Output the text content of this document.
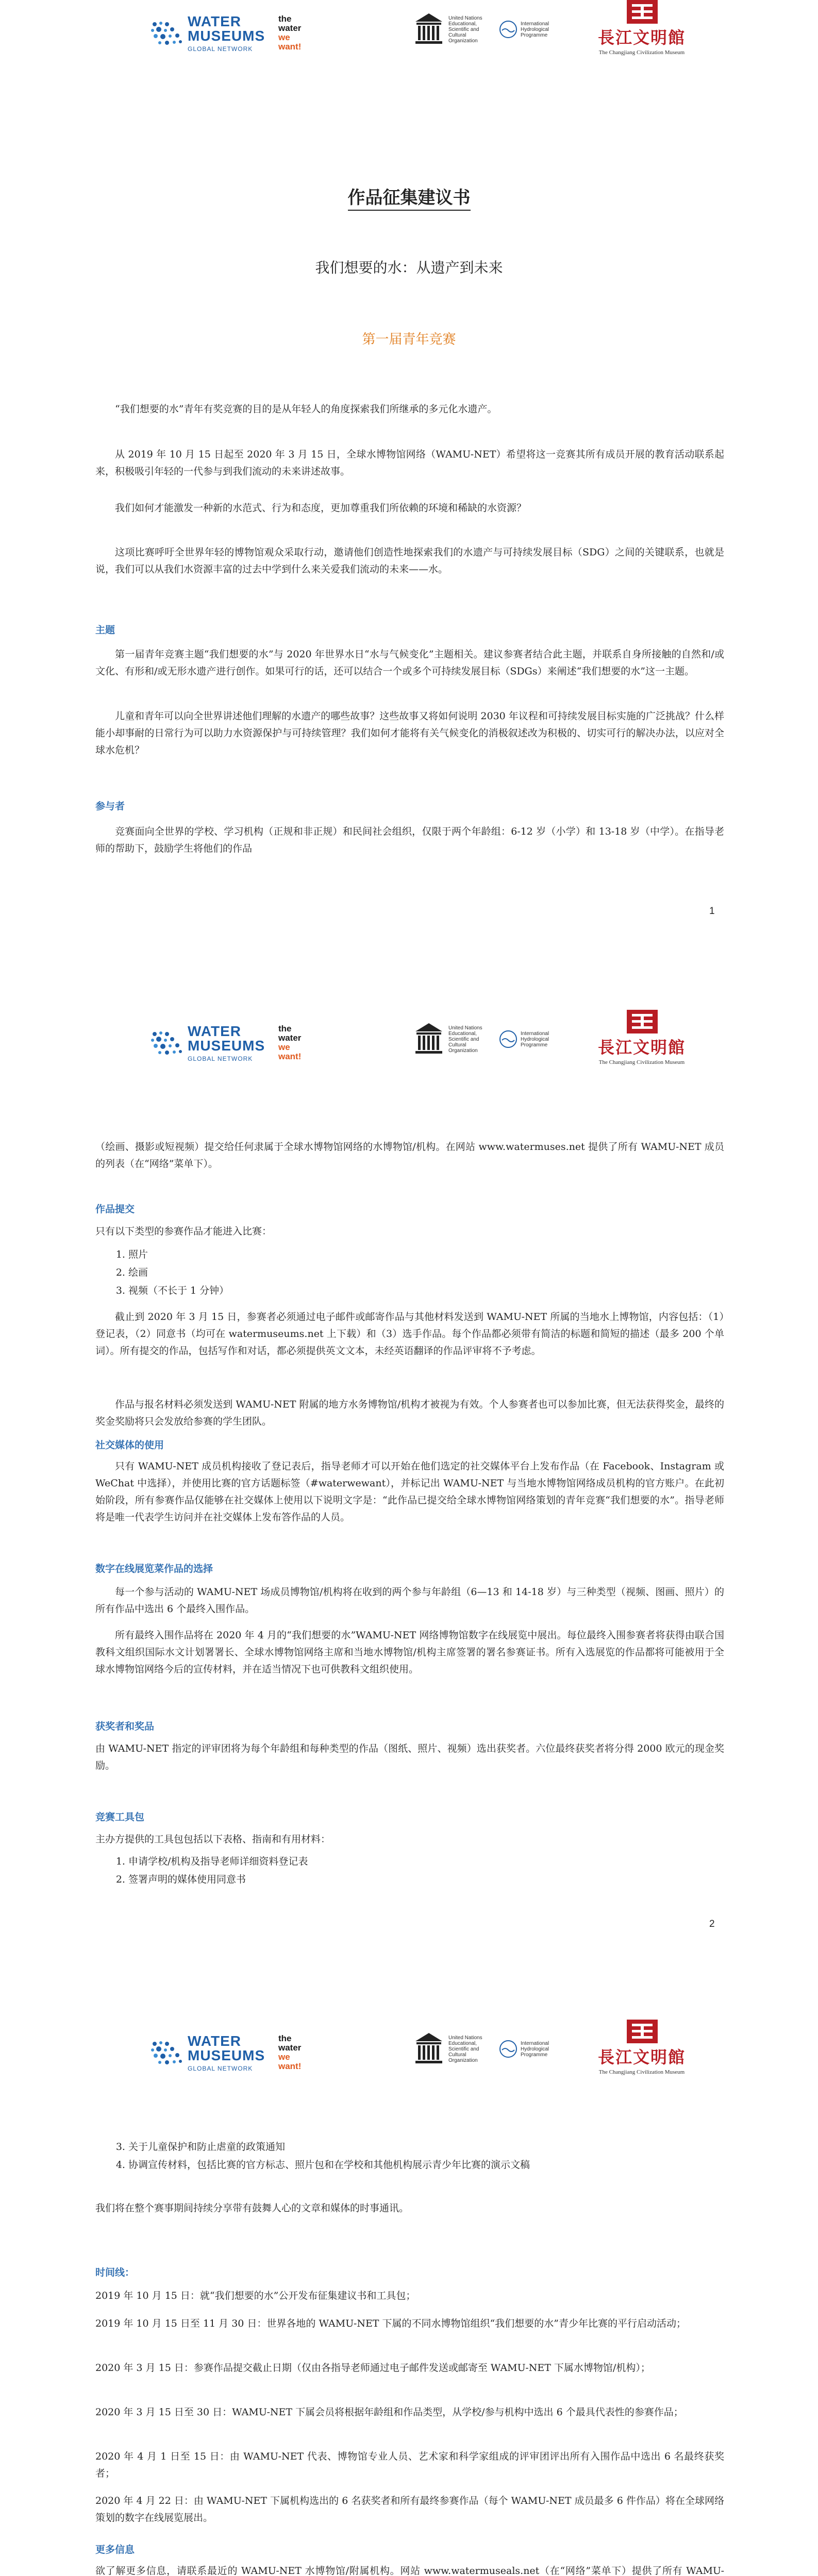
WATER
MUSEUMS
GLOBAL NETWORK
the
water
we
want!
United Nations Educational, Scientific and Cultural Organization
International Hydrological Programme	長江文明館
The Changjiang Civilization Museum
作品征集建议书

我们想要的水：从遗产到未来

第一届青年竞赛

“我们想要的水”青年有奖竞赛的目的是从年轻人的角度探索我们所继承的多元化水遗产。

从 2019 年 10 月 15 日起至 2020 年 3 月 15 日，全球水博物馆网络（WAMU-NET）希望将这一竞赛其所有成员开展的教育活动联系起来，积极吸引年轻的一代参与到我们流动的未来讲述故事。

我们如何才能激发一种新的水范式、行为和态度，更加尊重我们所依赖的环境和稀缺的水资源？

这项比赛呼吁全世界年轻的博物馆观众采取行动，邀请他们创造性地探索我们的水遗产与可持续发展目标（SDG）之间的关键联系，也就是说，我们可以从我们水资源丰富的过去中学到什么来关爱我们流动的未来——水。

主题

第一届青年竞赛主题“我们想要的水”与 2020 年世界水日“水与气候变化”主题相关。建议参赛者结合此主题，并联系自身所接触的自然和/或文化、有形和/或无形水遗产进行创作。如果可行的话，还可以结合一个或多个可持续发展目标（SDGs）来阐述“我们想要的水”这一主题。

儿童和青年可以向全世界讲述他们理解的水遗产的哪些故事？这些故事又将如何说明 2030 年议程和可持续发展目标实施的广泛挑战？什么样能小却事耐的日常行为可以助力水资源保护与可持续管理？我们如何才能将有关气候变化的消极叙述改为积极的、切实可行的解决办法，以应对全球水危机？

参与者

竞赛面向全世界的学校、学习机构（正规和非正规）和民间社会组织，仅限于两个年龄组：6-12 岁（小学）和 13-18 岁（中学）。在指导老师的帮助下，鼓励学生将他们的作品

1
WATER
MUSEUMS
GLOBAL NETWORK
the
water
we
want!
United Nations Educational, Scientific and Cultural Organization
International Hydrological Programme	長江文明館
The Changjiang Civilization Museum

（绘画、摄影或短视频）提交给任何隶属于全球水博物馆网络的水博物馆/机构。在网站 www.watermuses.net 提供了所有 WAMU-NET 成员的列表（在“网络”菜单下）。

作品提交

只有以下类型的参赛作品才能进入比赛：

1. 照片
2. 绘画
3. 视频（不长于 1 分钟）

截止到 2020 年 3 月 15 日，参赛者必须通过电子邮件或邮寄作品与其他材料发送到 WAMU-NET 所属的当地水上博物馆，内容包括：（1）登记表，（2）同意书（均可在 watermuseums.net 上下载）和（3）选手作品。每个作品都必须带有简洁的标题和简短的描述（最多 200 个单词）。所有提交的作品，包括写作和对话，都必须提供英文文本，未经英语翻译的作品评审将不予考虑。

作品与报名材料必须发送到 WAMU-NET 附属的地方水务博物馆/机构才被视为有效。个人参赛者也可以参加比赛，但无法获得奖金，最终的奖金奖励将只会发放给参赛的学生团队。

社交媒体的使用

只有 WAMU-NET 成员机构接收了登记表后，指导老师才可以开始在他们选定的社交媒体平台上发布作品（在 Facebook、Instagram 或 WeChat 中选择），并使用比赛的官方话题标签（#waterwewant），并标记出 WAMU-NET 与当地水博物馆网络成员机构的官方账户。在此初始阶段，所有参赛作品仅能够在社交媒体上使用以下说明文字是：“此作品已提交给全球水博物馆网络策划的青年竞赛“我们想要的水”。指导老师将是唯一代表学生访问并在社交媒体上发布答作品的人员。

数字在线展览菜作品的选择

每一个参与活动的 WAMU-NET 场成员博物馆/机构将在收到的两个参与年龄组（6—13 和 14-18 岁）与三种类型（视频、图画、照片）的所有作品中选出 6 个最终入围作品。

所有最终入围作品将在 2020 年 4 月的“我们想要的水”WAMU-NET 网络博物馆数字在线展览中展出。每位最终入围参赛者将获得由联合国教科文组织国际水文计划署署长、全球水博物馆网络主席和当地水博物馆/机构主席签署的署名参赛证书。所有入选展览的作品都将可能被用于全球水博物馆网络今后的宣传材料，并在适当情况下也可供教科文组织使用。

获奖者和奖品

由 WAMU-NET 指定的评审团将为每个年龄组和每种类型的作品（图纸、照片、视频）选出获奖者。六位最终获奖者将分得 2000 欧元的现金奖励。

竞赛工具包

主办方提供的工具包包括以下表格、指南和有用材料：

1. 申请学校/机构及指导老师详细资料登记表
2. 签署声明的媒体使用同意书
2
WATER
MUSEUMS
GLOBAL NETWORK
the
water
we
want!
United Nations Educational, Scientific and Cultural Organization
International Hydrological Programme	長江文明館
The Changjiang Civilization Museum
3. 关于儿童保护和防止虐童的政策通知
4. 协调宣传材料，包括比赛的官方标志、照片包和在学校和其他机构展示青少年比赛的演示文稿

我们将在整个赛事期间持续分享带有鼓舞人心的文章和媒体的时事通讯。

时间线：

2019 年 10 月 15 日：就“我们想要的水”公开发布征集建议书和工具包；

2019 年 10 月 15 日至 11 月 30 日：世界各地的 WAMU-NET 下属的不同水博物馆组织“我们想要的水”青少年比赛的平行启动活动；

2020 年 3 月 15 日：参赛作品提交截止日期（仅由各指导老师通过电子邮件发送或邮寄至 WAMU-NET 下属水博物馆/机构）；

2020 年 3 月 15 日至 30 日：WAMU-NET 下属会员将根据年龄组和作品类型，从学校/参与机构中选出 6 个最具代表性的参赛作品；

2020 年 4 月 1 日至 15 日：由 WAMU-NET 代表、博物馆专业人员、艺术家和科学家组成的评审团评出所有入围作品中选出 6 名最终获奖者；

2020 年 4 月 22 日：由 WAMU-NET 下属机构选出的 6 名获奖者和所有最终参赛作品（每个 WAMU-NET 成员最多 6 件作品）将在全球网络策划的数字在线展览展出。

更多信息

欲了解更多信息，请联系最近的 WAMU-NET 水博物馆/附属机构。网站 www.watermuseals.net（在“网络”菜单下）提供了所有 WAMU-
